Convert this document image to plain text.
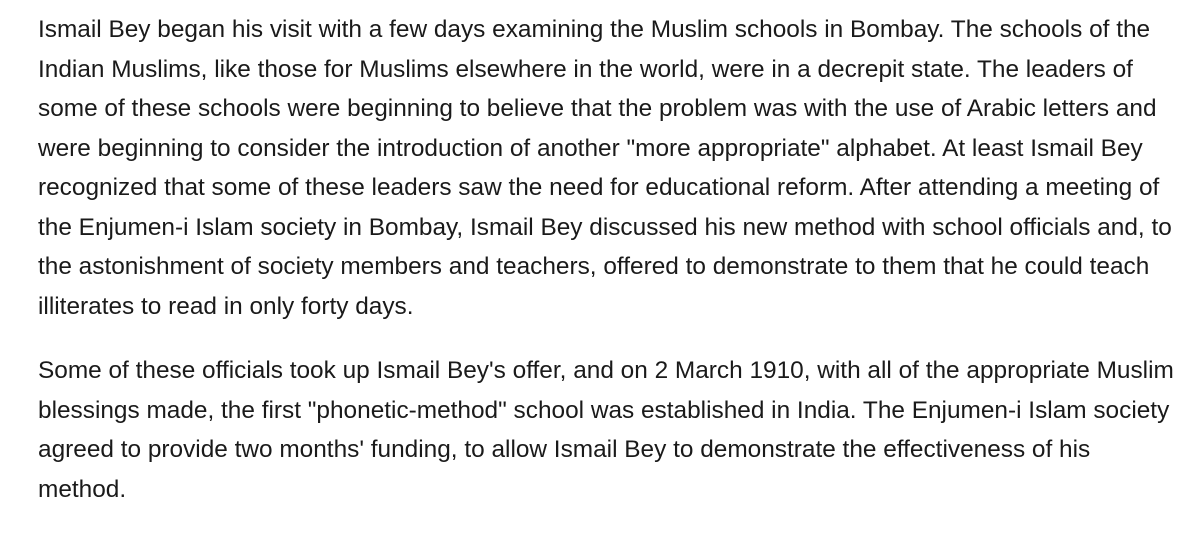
Ismail Bey began his visit with a few days examining the Muslim schools in Bombay. The schools of the Indian Muslims, like those for Muslims elsewhere in the world, were in a decrepit state. The leaders of some of these schools were beginning to believe that the problem was with the use of Arabic letters and were beginning to consider the introduction of another "more appropriate" alphabet. At least Ismail Bey recognized that some of these leaders saw the need for educational reform. After attending a meeting of the Enjumen-i Islam society in Bombay, Ismail Bey discussed his new method with school officials and, to the astonishment of society members and teachers, offered to demonstrate to them that he could teach illiterates to read in only forty days.

Some of these officials took up Ismail Bey's offer, and on 2 March 1910, with all of the appropriate Muslim blessings made, the first "phonetic-method" school was established in India. The Enjumen-i Islam society agreed to provide two months' funding, to allow Ismail Bey to demonstrate the effectiveness of his method.
